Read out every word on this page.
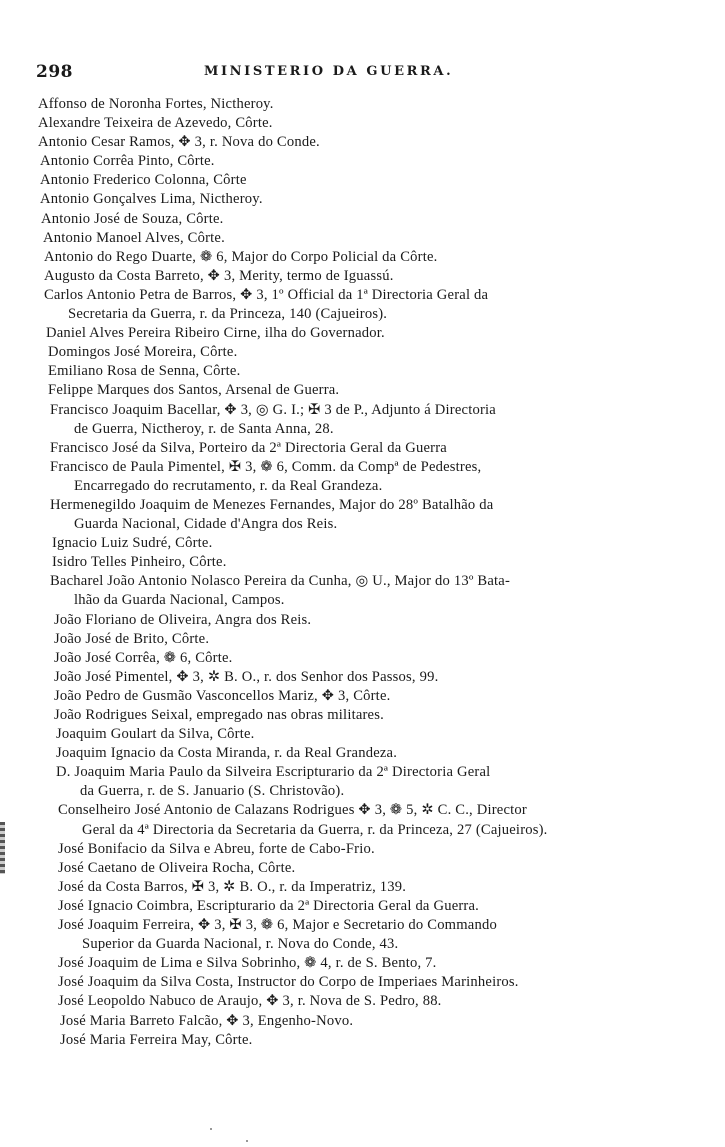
298	MINISTERIO DA GUERRA.
Affonso de Noronha Fortes, Nictheroy.
Alexandre Teixeira de Azevedo, Côrte.
Antonio Cesar Ramos, ✥ 3, r. Nova do Conde.
Antonio Corrêa Pinto, Côrte.
Antonio Frederico Colonna, Côrte
Antonio Gonçalves Lima, Nictheroy.
Antonio José de Souza, Côrte.
Antonio Manoel Alves, Côrte.
Antonio do Rego Duarte, ❁ 6, Major do Corpo Policial da Côrte.
Augusto da Costa Barreto, ✥ 3, Merity, termo de Iguassú.
Carlos Antonio Petra de Barros, ✥ 3, 1º Official da 1ª Directoria Geral da
Secretaria da Guerra, r. da Princeza, 140 (Cajueiros).
Daniel Alves Pereira Ribeiro Cirne, ilha do Governador.
Domingos José Moreira, Côrte.
Emiliano Rosa de Senna, Côrte.
Felippe Marques dos Santos, Arsenal de Guerra.
Francisco Joaquim Bacellar, ✥ 3, ◎ G. I.; ✠ 3 de P., Adjunto á Directoria
de Guerra, Nictheroy, r. de Santa Anna, 28.
Francisco José da Silva, Porteiro da 2ª Directoria Geral da Guerra
Francisco de Paula Pimentel, ✠ 3, ❁ 6, Comm. da Compª de Pedestres,
Encarregado do recrutamento, r. da Real Grandeza.
Hermenegildo Joaquim de Menezes Fernandes, Major do 28º Batalhão da
Guarda Nacional, Cidade d'Angra dos Reis.
Ignacio Luiz Sudré, Côrte.
Isidro Telles Pinheiro, Côrte.
Bacharel João Antonio Nolasco Pereira da Cunha, ◎ U., Major do 13º Bata-
lhão da Guarda Nacional, Campos.
João Floriano de Oliveira, Angra dos Reis.
João José de Brito, Côrte.
João José Corrêa, ❁ 6, Côrte.
João José Pimentel, ✥ 3, ✲ B. O., r. dos Senhor dos Passos, 99.
João Pedro de Gusmão Vasconcellos Mariz, ✥ 3, Côrte.
João Rodrigues Seixal, empregado nas obras militares.
Joaquim Goulart da Silva, Côrte.
Joaquim Ignacio da Costa Miranda, r. da Real Grandeza.
D. Joaquim Maria Paulo da Silveira Escripturario da 2ª Directoria Geral
da Guerra, r. de S. Januario (S. Christovão).
Conselheiro José Antonio de Calazans Rodrigues ✥ 3, ❁ 5, ✲ C. C., Director
Geral da 4ª Directoria da Secretaria da Guerra, r. da Princeza, 27 (Cajueiros).
José Bonifacio da Silva e Abreu, forte de Cabo-Frio.
José Caetano de Oliveira Rocha, Côrte.
José da Costa Barros, ✠ 3, ✲ B. O., r. da Imperatriz, 139.
José Ignacio Coimbra, Escripturario da 2ª Directoria Geral da Guerra.
José Joaquim Ferreira, ✥ 3, ✠ 3, ❁ 6, Major e Secretario do Commando
Superior da Guarda Nacional, r. Nova do Conde, 43.
José Joaquim de Lima e Silva Sobrinho, ❁ 4, r. de S. Bento, 7.
José Joaquim da Silva Costa, Instructor do Corpo de Imperiaes Marinheiros.
José Leopoldo Nabuco de Araujo, ✥ 3, r. Nova de S. Pedro, 88.
José Maria Barreto Falcão, ✥ 3, Engenho-Novo.
José Maria Ferreira May, Côrte.
